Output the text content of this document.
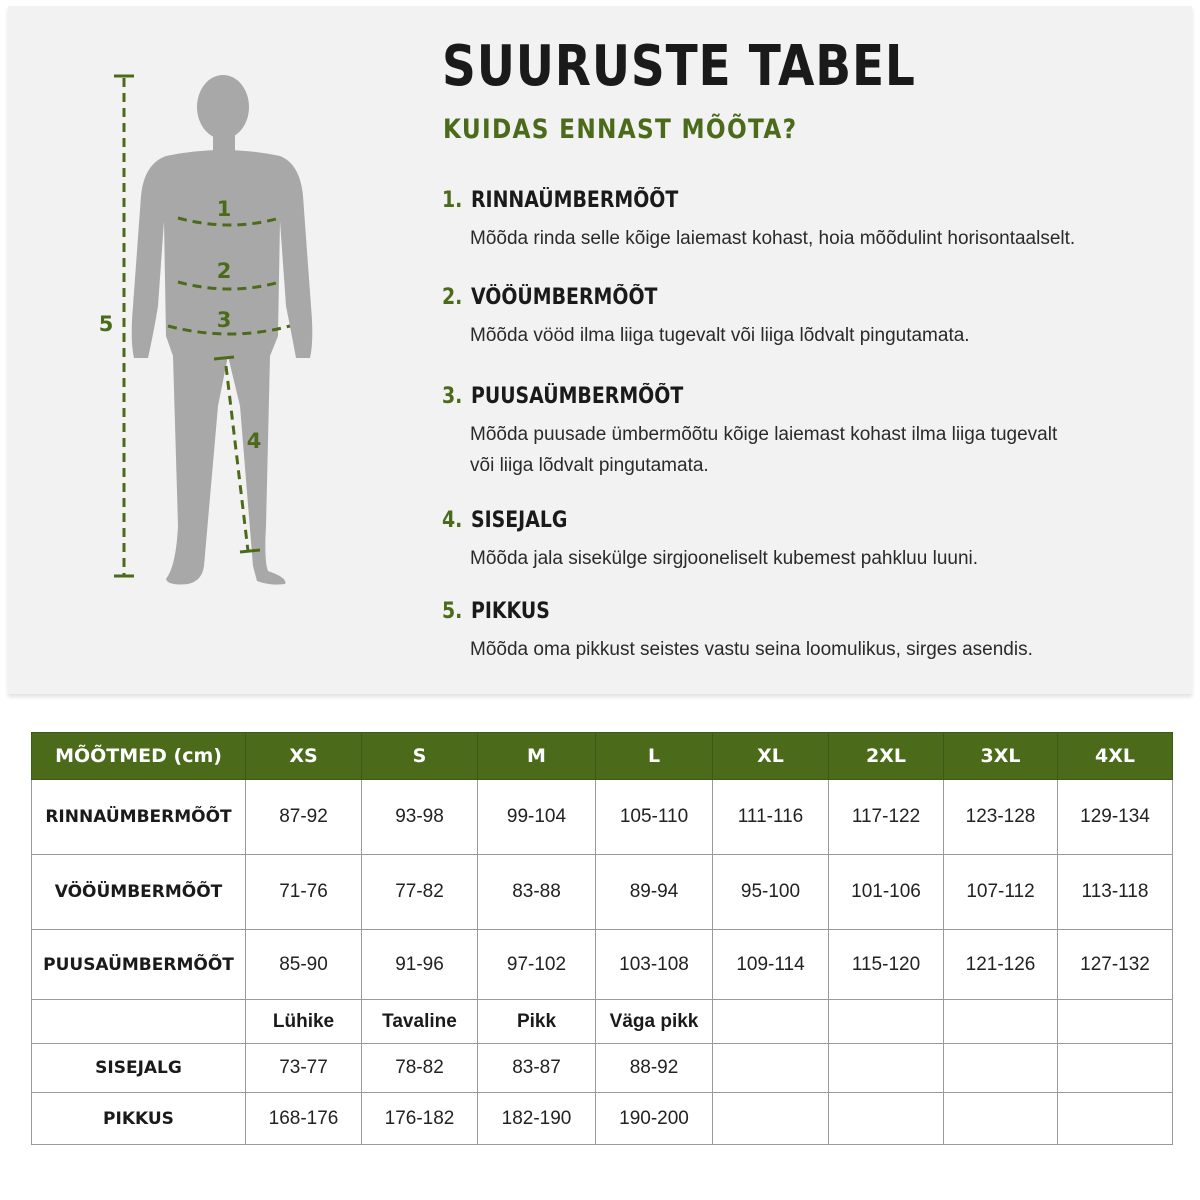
1
2
3
4
5
SUURUSTE TABEL
KUIDAS ENNAST MÕÕTA?
1. RINNAÜMBERMÕÕT
Mõõda rinda selle kõige laiemast kohast, hoia mõõdulint horisontaalselt.
2. VÖÖÜMBERMÕÕT
Mõõda vööd ilma liiga tugevalt või liiga lõdvalt pingutamata.
3. PUUSAÜMBERMÕÕT
Mõõda puusade ümbermõõtu kõige laiemast kohast ilma liiga tugevalt
või liiga lõdvalt pingutamata.
4. SISEJALG
Mõõda jala sisekülge sirgjooneliselt kubemest pahkluu luuni.
5. PIKKUS
Mõõda oma pikkust seistes vastu seina loomulikus, sirges asendis.
MÕÕTMED (cm)	XS	S	M	L	XL	2XL	3XL	4XL
RINNAÜMBERMÕÕT	87-92	93-98	99-104	105-110	111-116	117-122	123-128	129-134
VÖÖÜMBERMÕÕT	71-76	77-82	83-88	89-94	95-100	101-106	107-112	113-118
PUUSAÜMBERMÕÕT	85-90	91-96	97-102	103-108	109-114	115-120	121-126	127-132
	Lühike	Tavaline	Pikk	Väga pikk				
SISEJALG	73-77	78-82	83-87	88-92				
PIKKUS	168-176	176-182	182-190	190-200				
